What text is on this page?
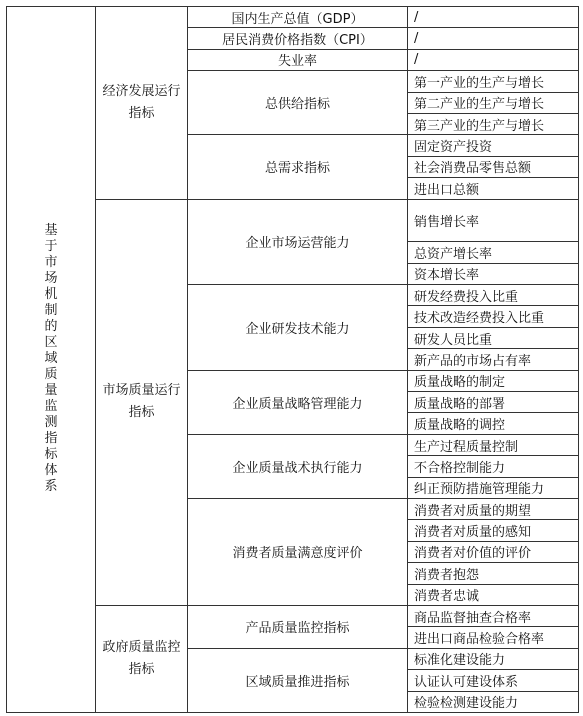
基于市场机制的区域质量监测指标体系	经济发展运行指标	国内生产总值（GDP）	/
		居民消费价格指数（CPI）	/
		失业率	/
		总供给指标	第一产业的生产与增长
			第二产业的生产与增长
			第三产业的生产与增长
		总需求指标	固定资产投资
			社会消费品零售总额
			进出口总额
	市场质量运行指标	企业市场运营能力	销售增长率

			总资产增长率
			资本增长率
		企业研发技术能力	研发经费投入比重
			技术改造经费投入比重
			研发人员比重
			新产品的市场占有率
		企业质量战略管理能力	质量战略的制定
			质量战略的部署
			质量战略的调控
		企业质量战术执行能力	生产过程质量控制
			不合格控制能力
			纠正预防措施管理能力
		消费者质量满意度评价	消费者对质量的期望
			消费者对质量的感知
			消费者对价值的评价
			消费者抱怨
			消费者忠诚
	政府质量监控指标	产品质量监控指标	商品监督抽查合格率
			进出口商品检验合格率
		区域质量推进指标	标准化建设能力
			认证认可建设体系
			检验检测建设能力
